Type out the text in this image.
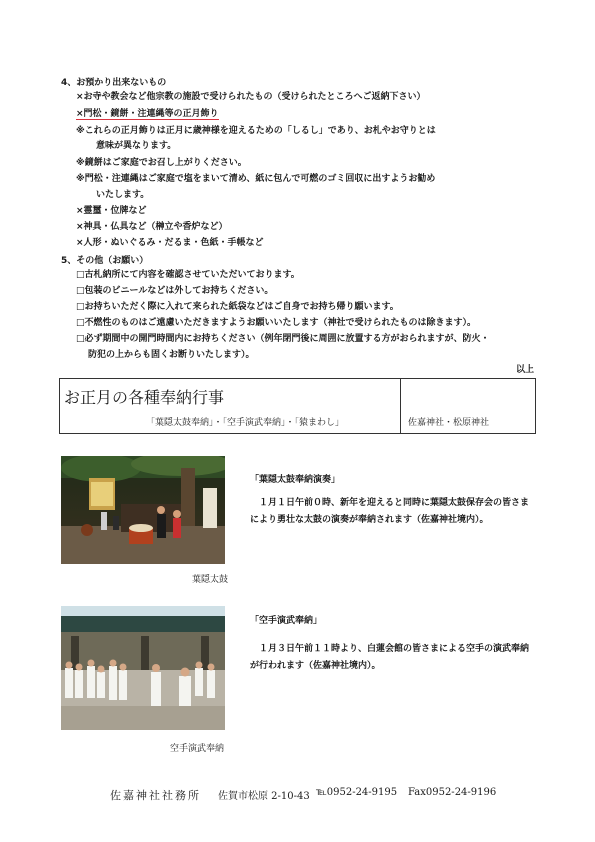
4、お預かり出来ないもの
×お寺や教会など他宗教の施設で受けられたもの（受けられたところへご返納下さい）
×門松・鏡餅・注連縄等の正月飾り
※これらの正月飾りは正月に歳神様を迎えるための「しるし」であり、お札やお守りとは
意味が異なります。
※鏡餅はご家庭でお召し上がりください。
※門松・注連縄はご家庭で塩をまいて清め、紙に包んで可燃のゴミ回収に出すようお勧め
いたします。
×霊璽・位牌など
×神具・仏具など（榊立や香炉など）
×人形・ぬいぐるみ・だるま・色紙・手帳など
5、その他（お願い）
□古札納所にて内容を確認させていただいております。
□包装のビニールなどは外してお持ちください。
□お持ちいただく際に入れて来られた紙袋などはご自身でお持ち帰り願います。
□不燃性のものはご遠慮いただきますようお願いいたします（神社で受けられたものは除きます）。
□必ず期間中の開門時間内にお持ちください（例年閉門後に周囲に放置する方がおられますが、防火・
防犯の上からも固くお断りいたします）。
以上
お正月の各種奉納行事
「葉隠太鼓奉納」・「空手演武奉納」・「猿まわし」	佐嘉神社・松原神社
葉隠太鼓
「葉隠太鼓奉納演奏」
１月１日午前０時、新年を迎えると同時に葉隠太鼓保存会の皆さまにより勇壮な太鼓の演奏が奉納されます（佐嘉神社境内）。
空手演武奉納
「空手演武奉納」
１月３日午前１１時より、白蓮会館の皆さまによる空手の演武奉納が行われます（佐嘉神社境内）。
佐嘉神社社務所 佐賀市松原 2-10-43 ℡0952-24-9195 Fax0952-24-9196
